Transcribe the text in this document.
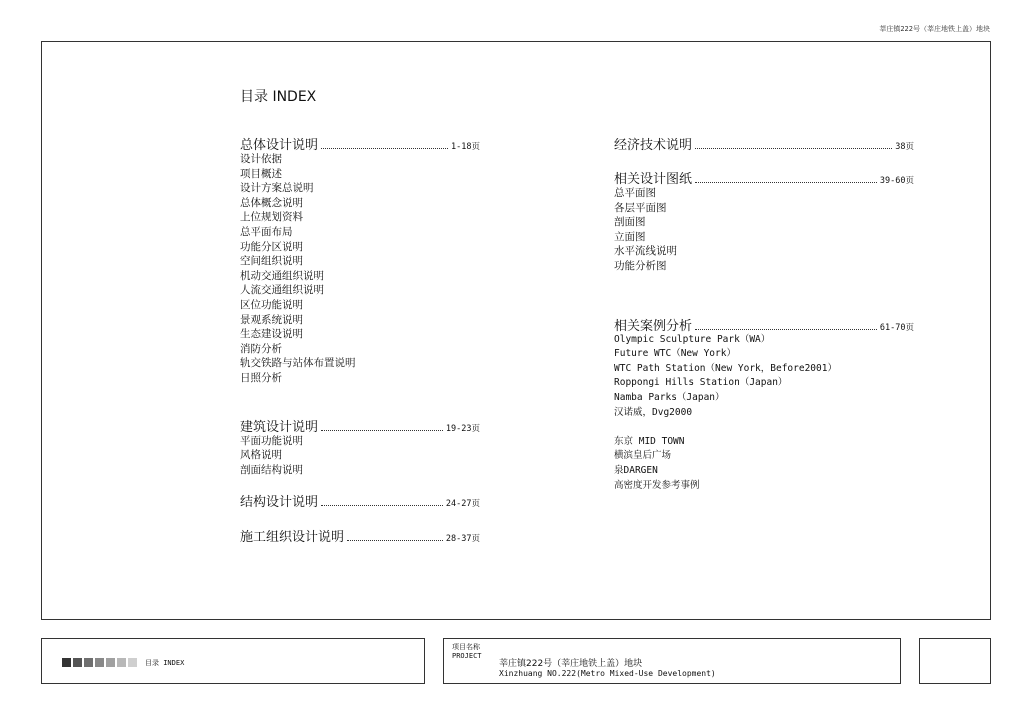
莘庄镇222号（莘庄地铁上盖）地块
目录 INDEX
总体设计说明	1-18页
设计依据
项目概述
设计方案总说明
总体概念说明
上位规划资料
总平面布局
功能分区说明
空间组织说明
机动交通组织说明
人流交通组织说明
区位功能说明
景观系统说明
生态建设说明
消防分析
轨交铁路与站体布置说明
日照分析
建筑设计说明	19-23页
平面功能说明
风格说明
剖面结构说明
结构设计说明	24-27页
施工组织设计说明	28-37页
经济技术说明	38页
相关设计图纸	39-60页
总平面图
各层平面图
剖面图
立面图
水平流线说明
功能分析图
相关案例分析	61-70页
Olympic Sculpture Park（WA）
Future WTC（New York）
WTC Path Station（New York，Before2001）
Roppongi Hills Station（Japan）
Namba Parks（Japan）
汉诺威，Dvg2000
东京 MID TOWN
横滨皇后广场
泉DARGEN
高密度开发参考事例
目录 INDEX
项目名称
PROJECT
莘庄镇222号（莘庄地铁上盖）地块
Xinzhuang NO.222(Metro Mixed-Use Development)
